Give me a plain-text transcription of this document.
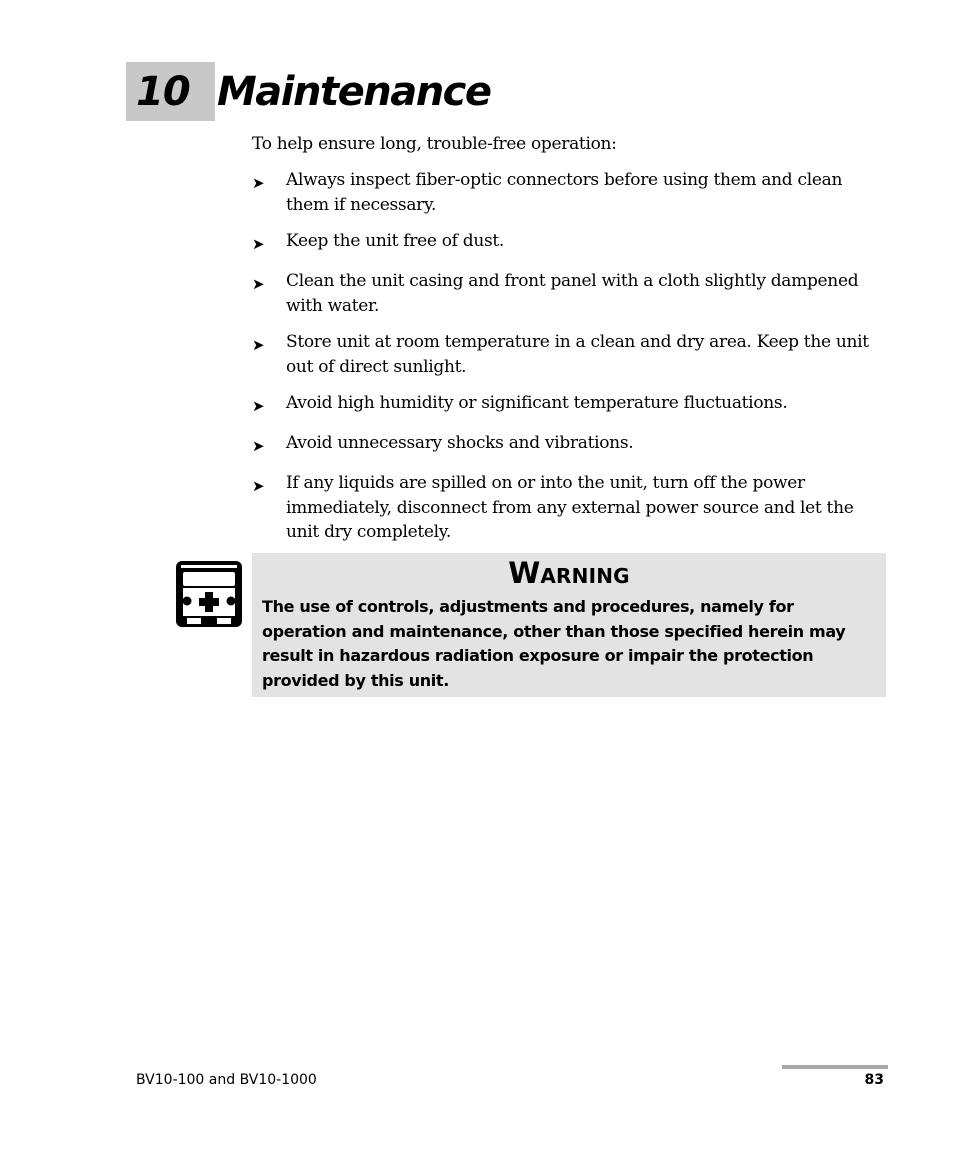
10 Maintenance

To help ensure long, trouble-free operation:

➤	Always inspect fiber-optic connectors before using them and clean them if necessary.
➤	Keep the unit free of dust.
➤	Clean the unit casing and front panel with a cloth slightly dampened with water.
➤	Store unit at room temperature in a clean and dry area. Keep the unit out of direct sunlight.
➤	Avoid high humidity or significant temperature fluctuations.
➤	Avoid unnecessary shocks and vibrations.
➤	If any liquids are spilled on or into the unit, turn off the power immediately, disconnect from any external power source and let the unit dry completely.
Warning
The use of controls, adjustments and procedures, namely for operation and maintenance, other than those specified herein may result in hazardous radiation exposure or impair the protection provided by this unit.
BV10-100 and BV10-1000	83
